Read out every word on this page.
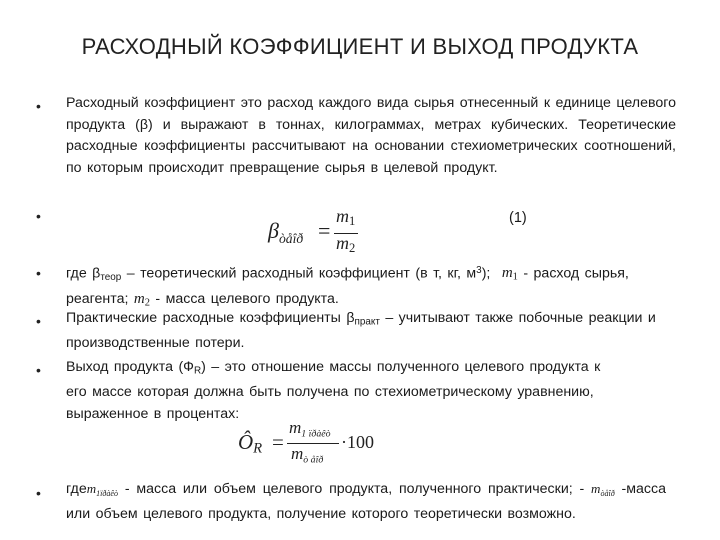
РАСХОДНЫЙ КОЭФФИЦИЕНТ И ВЫХОД ПРОДУКТА
• Расходный коэффициент это расход каждого вида сырья отнесенный к единице целевого продукта (β) и выражают в тоннах, килограммах, метрах кубических. Теоретические расходные коэффициенты рассчитывают на основании стехиометрических соотношений, по которым происходит превращение сырья в целевой продукт.
•
$\beta_{òåîð}$ =
m1
m2
(1)
• где βтеор – теоретический расходный коэффициент (в т, кг, $м^3$); m1 - расход сырья, реагента; m2 - масса целевого продукта.
• Практические расходные коэффициенты βпракт – учитывают также побочные реакции и производственные потери.
• Выход продукта (ФR) – это отношение массы полученного целевого продукта к его массе которая должна быть получена по стехиометрическому уравнению, выраженное в процентах:
ÔR =
$m_{1 ïðàêò}$
$m_{ò åîð}$
·100
• гдеm$_{1ïðàêò}$ - масса или объем целевого продукта, полученного практически; - $m_{òåîð}$ -масса или объем целевого продукта, получение которого теоретически возможно.
